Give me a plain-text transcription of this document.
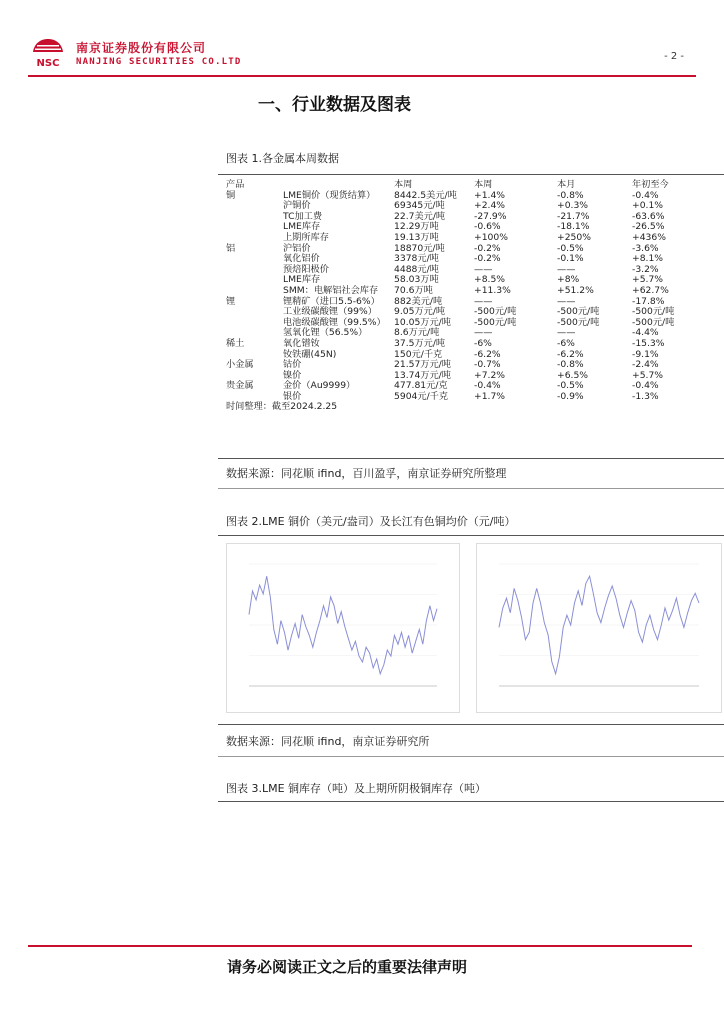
NSC
南京证券股份有限公司
NANJING SECURITIES CO.LTD	- 2 -
一、行业数据及图表
图表 1.各金属本周数据
产品	本周	本周	本月	年初至今
铜	LME铜价（现货结算） 8442.5美元/吨 +1.4%	-0.8%	-0.4%
沪铜价	69345元/吨	+2.4%	+0.3%	+0.1%
TC加工费	22.7美元/吨	-27.9%	-21.7%	-63.6%
LME库存	12.29万吨	-0.6%	-18.1%	-26.5%
上期所库存	19.13万吨	+100%	+250%	+436%
铝	沪铝价	18870元/吨	-0.2%	-0.5%	-3.6%
氧化铝价	3378元/吨	-0.2%	-0.1%	+8.1%
预焙阳极价	4488元/吨	——	——	-3.2%
LME库存	58.03万吨	+8.5%	+8%	+5.7%
SMM：电解铝社会库存 70.6万吨	+11.3%	+51.2%	+62.7%
锂	锂精矿（进口5.5-6%） 882美元/吨	——	——	-17.8%
工业级碳酸锂（99%） 9.05万元/吨	-500元/吨	-500元/吨	-500元/吨
电池级碳酸锂（99.5%） 10.05万元/吨	-500元/吨	-500元/吨	-500元/吨
氢氧化锂（56.5%）	8.6万元/吨	——	——	-4.4%
稀土	氧化镨钕	37.5万元/吨	-6%	-6%	-15.3%
钕铁硼(45N)	150元/千克	-6.2%	-6.2%	-9.1%
小金属	钴价	21.57万元/吨	-0.7%	-0.8%	-2.4%
镍价	13.74万元/吨	+7.2%	+6.5%	+5.7%
贵金属	金价（Au9999）	477.81元/克	-0.4%	-0.5%	-0.4%
银价	5904元/千克	+1.7%	-0.9%	-1.3%
时间整理：截至2024.2.25
数据来源：同花顺 ifind，百川盈孚，南京证券研究所整理
图表 2.LME 铜价（美元/盎司）及长江有色铜均价（元/吨）
数据来源：同花顺 ifind，南京证券研究所
图表 3.LME 铜库存（吨）及上期所阴极铜库存（吨）
请务必阅读正文之后的重要法律声明
